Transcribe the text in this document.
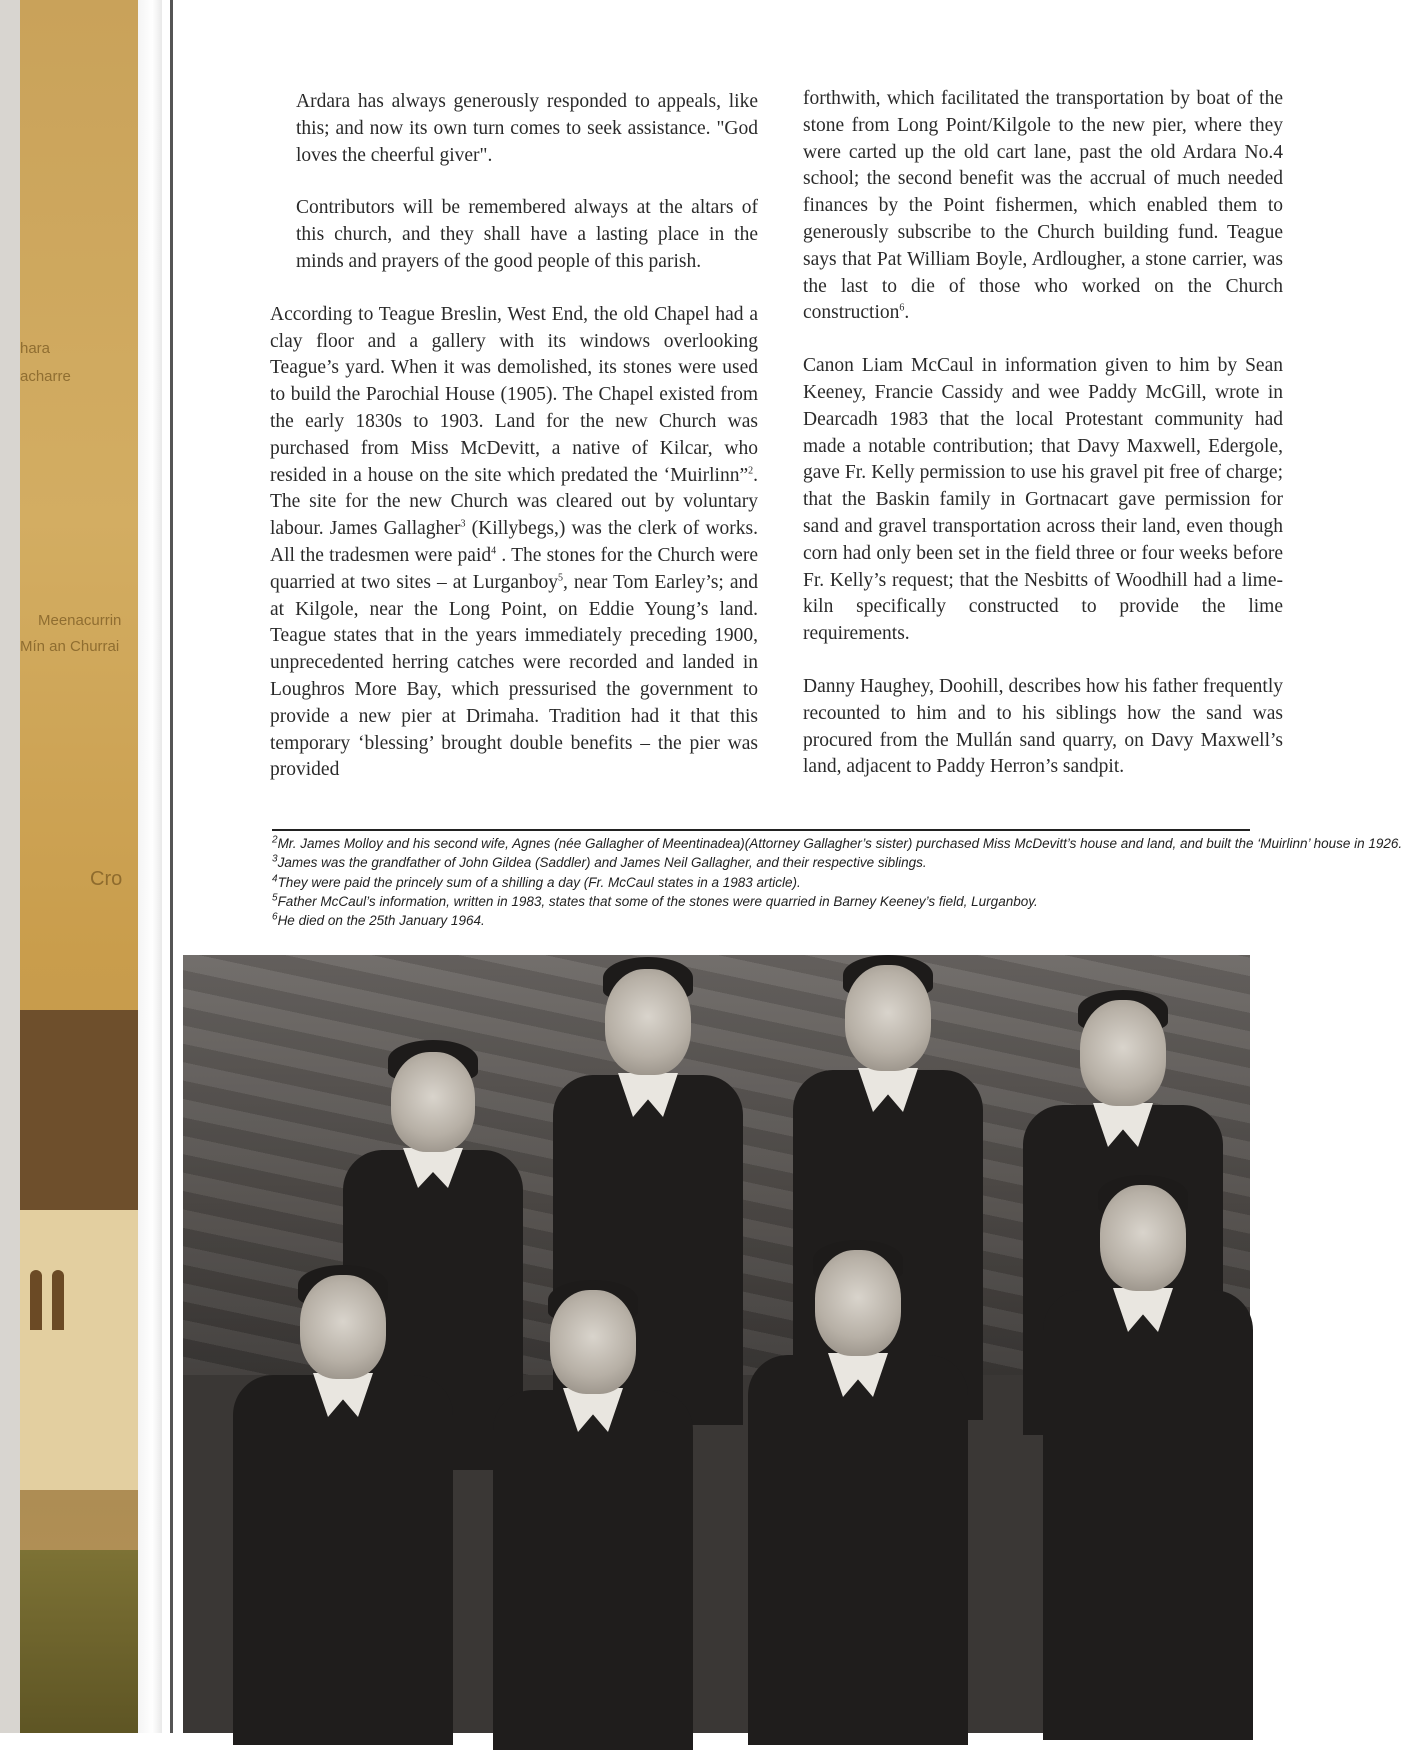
hara
acharre
Meenacurrin
Mín an Churrai
Cro

Ardara has always generously responded to appeals, like this; and now its own turn comes to seek assistance. "God loves the cheerful giver".

Contributors will be remembered always at the altars of this church, and they shall have a lasting place in the minds and prayers of the good people of this parish.

According to Teague Breslin, West End, the old Chapel had a clay floor and a gallery with its windows overlooking Teague’s yard. When it was demolished, its stones were used to build the Parochial House (1905). The Chapel existed from the early 1830s to 1903. Land for the new Church was purchased from Miss McDevitt, a native of Kilcar, who resided in a house on the site which predated the ‘Muirlinn”$^2$. The site for the new Church was cleared out by voluntary labour. James Gallagher$^3$ (Killybegs,) was the clerk of works. All the tradesmen were paid$^4$ . The stones for the Church were quarried at two sites – at Lurganboy$^5$, near Tom Earley’s; and at Kilgole, near the Long Point, on Eddie Young’s land. Teague states that in the years immediately preceding 1900, unprecedented herring catches were recorded and landed in Loughros More Bay, which pressurised the government to provide a new pier at Drimaha. Tradition had it that this temporary ‘blessing’ brought double benefits – the pier was provided

forthwith, which facilitated the transportation by boat of the stone from Long Point/Kilgole to the new pier, where they were carted up the old cart lane, past the old Ardara No.4 school; the second benefit was the accrual of much needed finances by the Point fishermen, which enabled them to generously subscribe to the Church building fund. Teague says that Pat William Boyle, Ardlougher, a stone carrier, was the last to die of those who worked on the Church construction$^6$.

Canon Liam McCaul in information given to him by Sean Keeney, Francie Cassidy and wee Paddy McGill, wrote in Dearcadh 1983 that the local Protestant community had made a notable contribution; that Davy Maxwell, Edergole, gave Fr. Kelly permission to use his gravel pit free of charge; that the Baskin family in Gortnacart gave permission for sand and gravel transportation across their land, even though corn had only been set in the field three or four weeks before Fr. Kelly’s request; that the Nesbitts of Woodhill had a lime-kiln specifically constructed to provide the lime requirements.

Danny Haughey, Doohill, describes how his father frequently recounted to him and to his siblings how the sand was procured from the Mullán sand quarry, on Davy Maxwell’s land, adjacent to Paddy Herron’s sandpit.

$^2$Mr. James Molloy and his second wife, Agnes (née Gallagher of Meentinadea)(Attorney Gallagher’s sister) purchased Miss McDevitt’s house and land, and built the ‘Muirlinn’ house in 1926.
$^3$James was the grandfather of John Gildea (Saddler) and James Neil Gallagher, and their respective siblings.
$^4$They were paid the princely sum of a shilling a day (Fr. McCaul states in a 1983 article).
$^5$Father McCaul’s information, written in 1983, states that some of the stones were quarried in Barney Keeney’s field, Lurganboy.
$^6$He died on the 25th January 1964.
